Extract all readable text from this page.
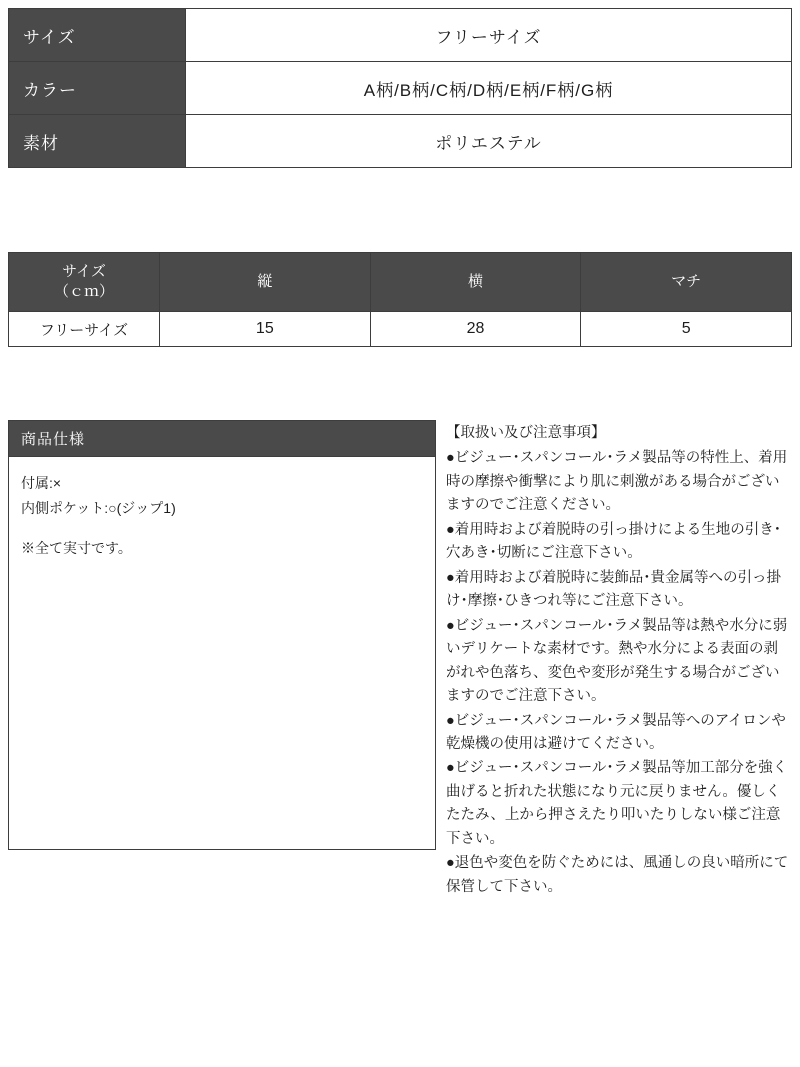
サイズ	フリーサイズ
カラー	A柄/B柄/C柄/D柄/E柄/F柄/G柄
素材	ポリエステル
サイズ
（ｃｍ）	縦	横	マチ
フリーサイズ	15	28	5
商品仕様

付属:×

内側ポケット:○(ジップ1)

※全て実寸です。

【取扱い及び注意事項】

●ビジュー･スパンコール･ラメ製品等の特性上、着用時の摩擦や衝撃により肌に刺激がある場合がございますのでご注意ください。
●着用時および着脱時の引っ掛けによる生地の引き･穴あき･切断にご注意下さい。
●着用時および着脱時に装飾品･貴金属等への引っ掛け･摩擦･ひきつれ等にご注意下さい。
●ビジュー･スパンコール･ラメ製品等は熱や水分に弱いデリケートな素材です。熱や水分による表面の剥がれや色落ち、変色や変形が発生する場合がございますのでご注意下さい。
●ビジュー･スパンコール･ラメ製品等へのアイロンや乾燥機の使用は避けてください。
●ビジュー･スパンコール･ラメ製品等加工部分を強く曲げると折れた状態になり元に戻りません。優しくたたみ、上から押さえたり叩いたりしない様ご注意下さい。
●退色や変色を防ぐためには、風通しの良い暗所にて保管して下さい。
